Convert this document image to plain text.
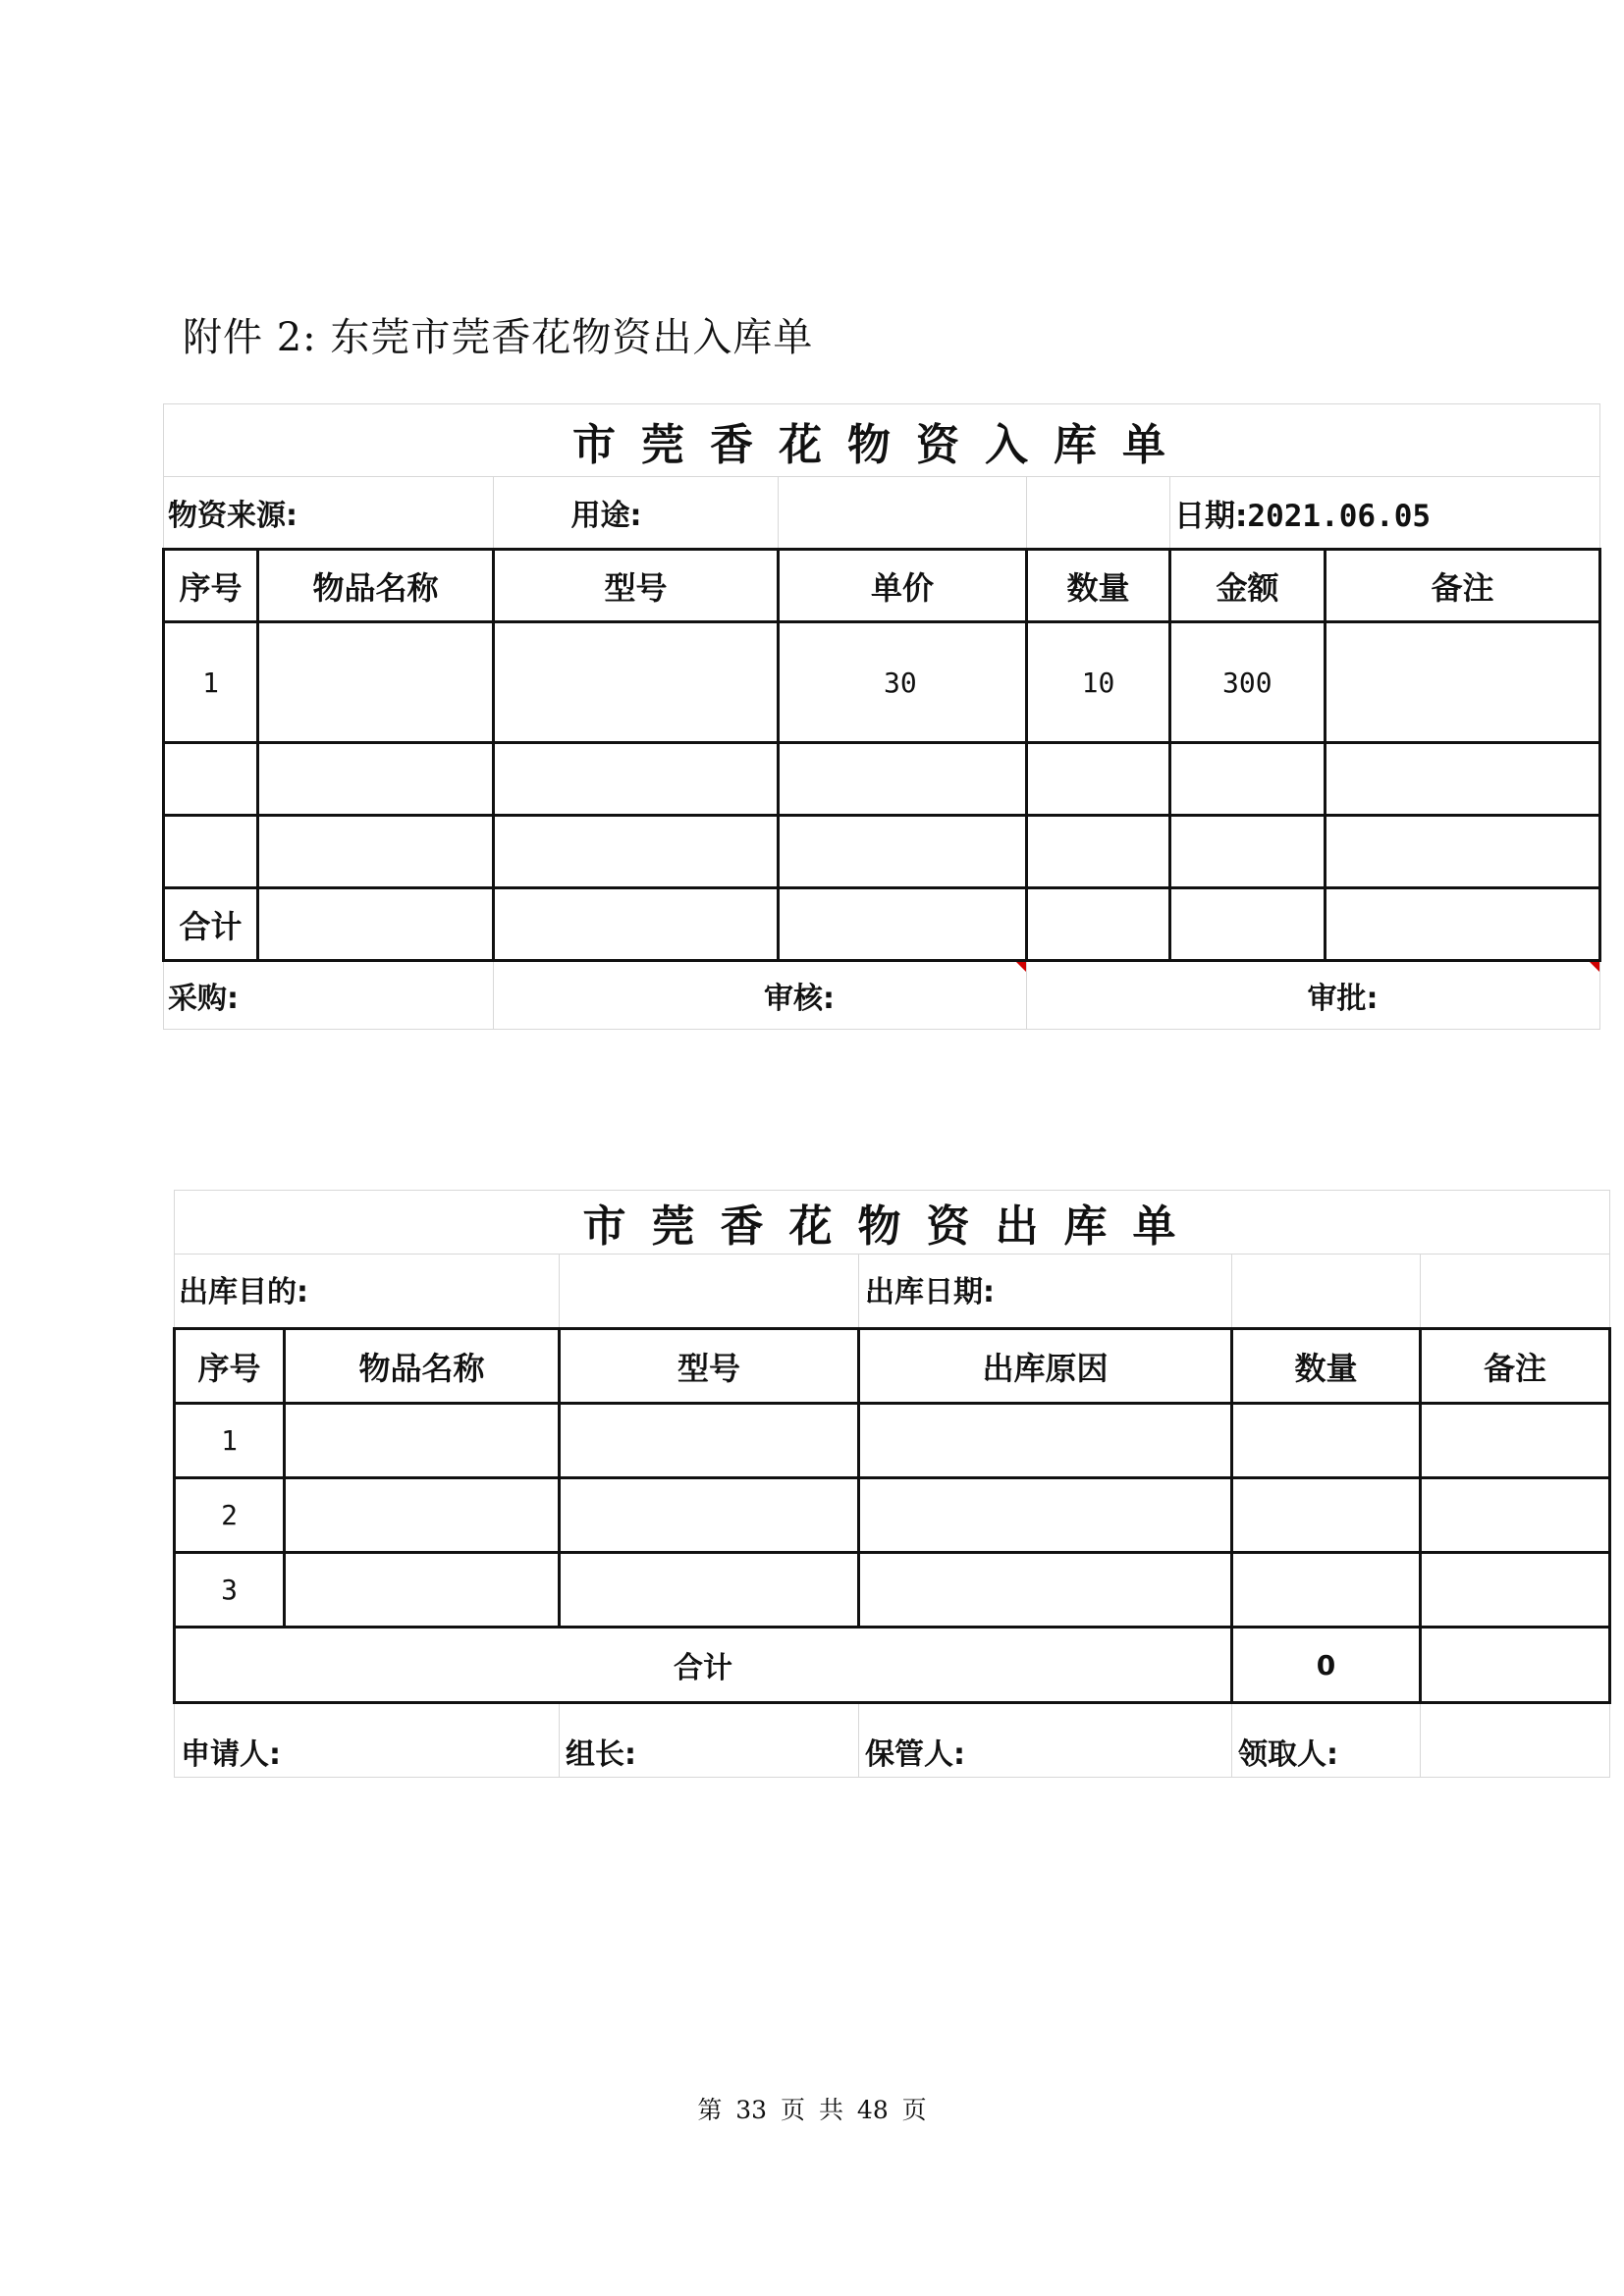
附件 2: 东莞市莞香花物资出入库单
市莞香花物资入库单						
物资来源:		用途:			日期:2021.06.05	
序号	物品名称	型号	单价	数量	金额	备注
1			30	10	300	

合计						
采购:		审核:		审批:		
市莞香花物资出库单					
出库目的:			出库日期:		
序号	物品名称	型号	出库原因	数量	备注
1					
2					
3					
合计				0	
申请人:		组长:	保管人:	领取人:	
第 33 页 共 48 页
